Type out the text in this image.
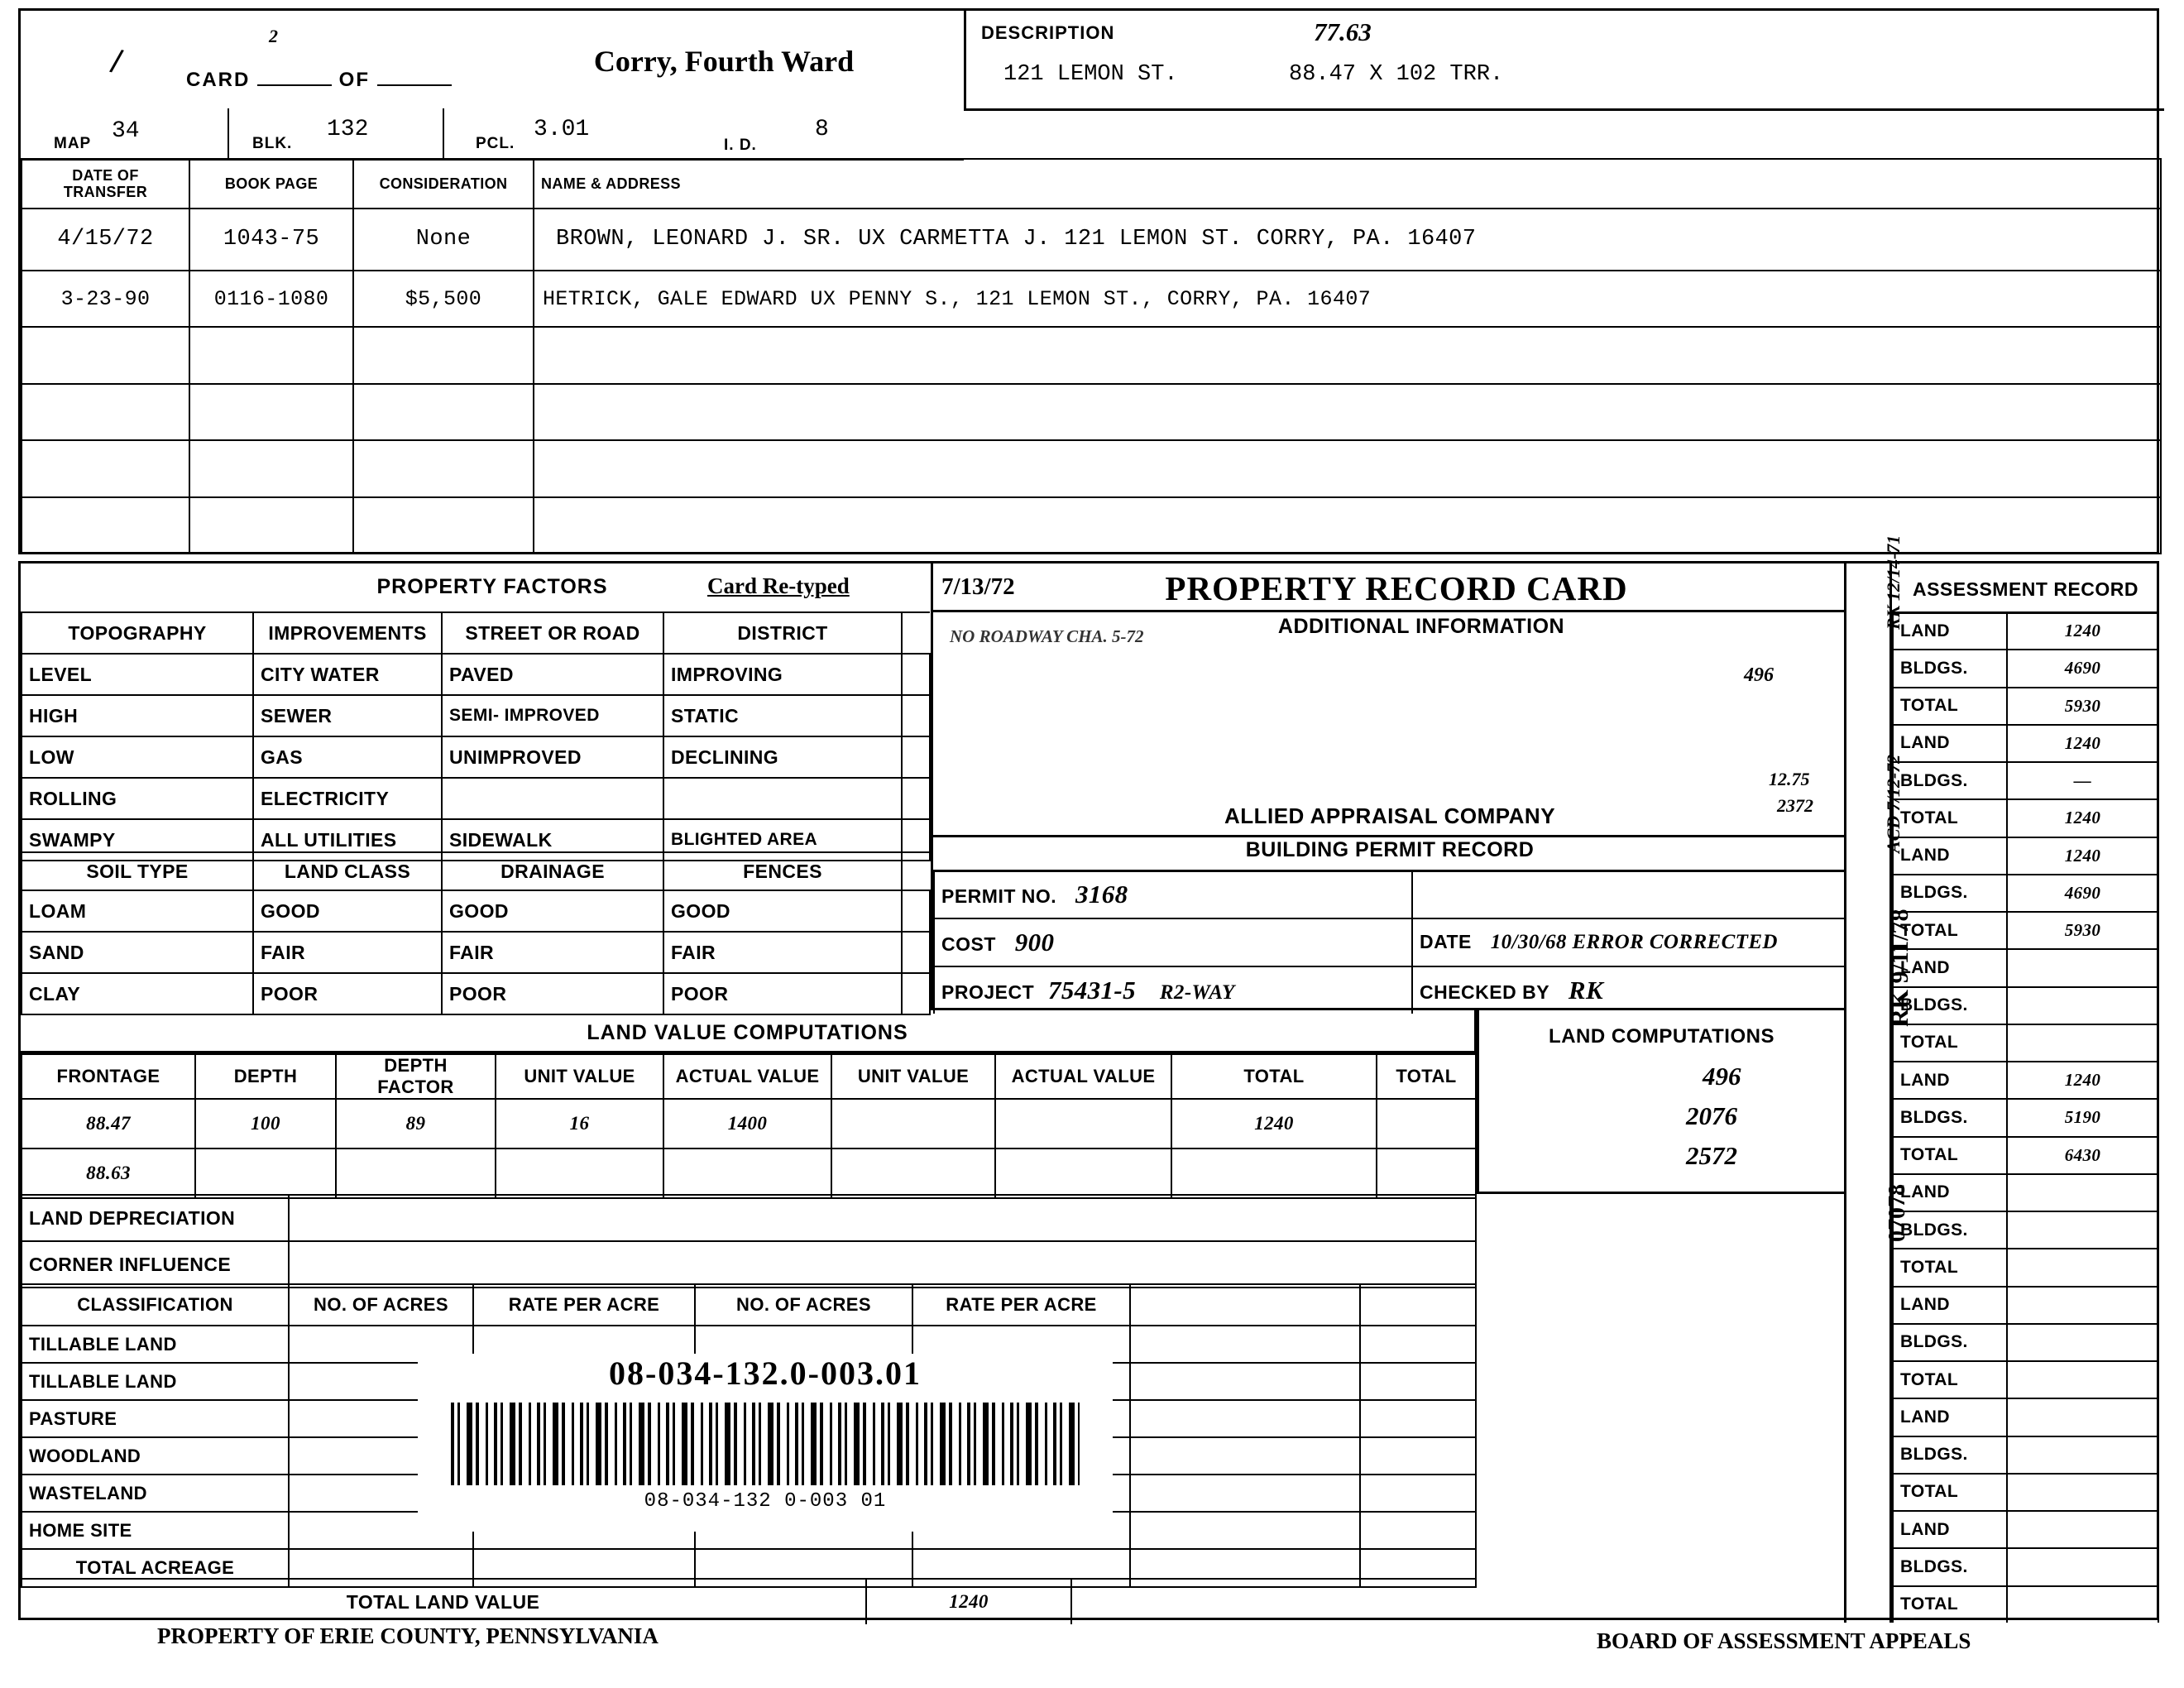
/
2
Corry, Fourth Ward
CARD	OF
DESCRIPTION
121 LEMON ST.	88.47 X 102 TRR.
77.63
MAP 34	BLK.
132
PCL.
3.01
I. D.
8
DATE OF TRANSFER	BOOK PAGE	CONSIDERATION	NAME & ADDRESS
4/15/72	1043-75	None	BROWN, LEONARD J. SR. UX CARMETTA J. 121 LEMON ST. CORRY, PA. 16407
3-23-90	0116-1080	$5,500	HETRICK, GALE EDWARD UX PENNY S., 121 LEMON ST., CORRY, PA. 16407

PROPERTY FACTORS	Card Re-typed
TOPOGRAPHY	IMPROVEMENTS	STREET OR ROAD	DISTRICT	
LEVEL	CITY WATER	PAVED	IMPROVING	
HIGH	SEWER	SEMI- IMPROVED	STATIC	
LOW	GAS	UNIMPROVED	DECLINING	
ROLLING	ELECTRICITY			
SWAMPY	ALL UTILITIES	SIDEWALK	BLIGHTED AREA	
SOIL TYPE	LAND CLASS	DRAINAGE	FENCES	
LOAM	GOOD	GOOD	GOOD	
SAND	FAIR	FAIR	FAIR	
CLAY	POOR	POOR	POOR	
7/13/72	PROPERTY RECORD CARD
ADDITIONAL INFORMATION
NO ROADWAY CHA. 5-72
ALLIED APPRAISAL COMPANY
BUILDING PERMIT RECORD
PERMIT NO. 3168	
COST 900	DATE 10/30/68 ERROR CORRECTED
PROJECT 75431-5 R2-WAY	CHECKED BY RK
496
12.75
2372
RK 12/14-71
ACD 7/12-72
RK 9/11/78
07078
ASSESSMENT RECORD
LAND	1240
BLDGS.	4690
TOTAL	5930
LAND	1240
BLDGS.	—
TOTAL	1240
LAND	1240
BLDGS.	4690
TOTAL	5930
LAND	
BLDGS.	
TOTAL	
LAND	1240
BLDGS.	5190
TOTAL	6430
LAND	
BLDGS.	
TOTAL	
LAND	
BLDGS.	
TOTAL	
LAND	
BLDGS.	
TOTAL	
LAND	
BLDGS.	
TOTAL	
LAND VALUE COMPUTATIONS
FRONTAGE	DEPTH	DEPTH FACTOR	UNIT VALUE	ACTUAL VALUE	UNIT VALUE	ACTUAL VALUE	TOTAL	TOTAL
88.47	100	89	16	1400			1240	
88.63								
LAND COMPUTATIONS
496
2076
2572
LAND DEPRECIATION	
CORNER INFLUENCE	
CLASSIFICATION	NO. OF ACRES	RATE PER ACRE	NO. OF ACRES	RATE PER ACRE		
TILLABLE LAND						
TILLABLE LAND						
PASTURE						
WOODLAND						
WASTELAND						
HOME SITE						
TOTAL ACREAGE						
TOTAL LAND VALUE	1240	
08-034-132.0-003.01
08-034-132 0-003 01
PROPERTY OF ERIE COUNTY, PENNSYLVANIA	BOARD OF ASSESSMENT APPEALS
